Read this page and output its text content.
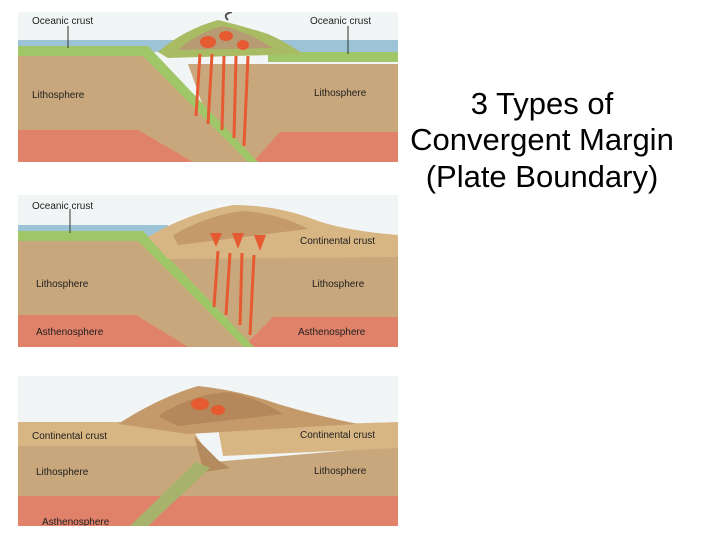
3 Types of
Convergent Margin
(Plate Boundary)
Oceanic crust	Oceanic crust
Lithosphere	Lithosphere
Oceanic crust
Continental crust
Lithosphere	Lithosphere
Asthenosphere	Asthenosphere
Continental crust	Continental crust
Lithosphere	Lithosphere
Asthenosphere
